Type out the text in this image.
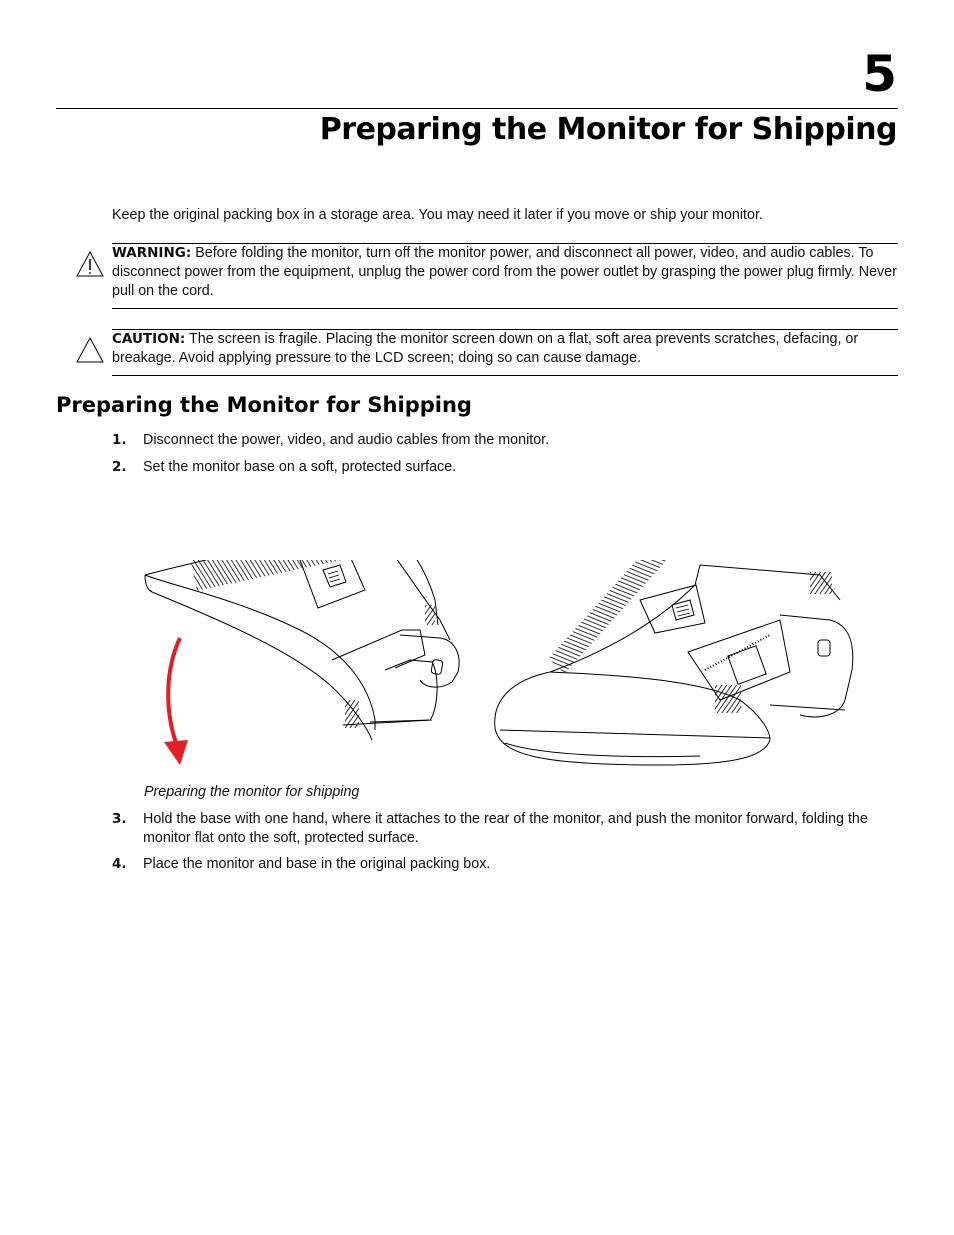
5
Preparing the Monitor for Shipping
Keep the original packing box in a storage area. You may need it later if you move or ship your monitor.
WARNING: Before folding the monitor, turn off the monitor power, and disconnect all power, video, and audio cables. To disconnect power from the equipment, unplug the power cord from the power outlet by grasping the power plug firmly. Never pull on the cord.
CAUTION: The screen is fragile. Placing the monitor screen down on a flat, soft area prevents scratches, defacing, or breakage. Avoid applying pressure to the LCD screen; doing so can cause damage.
Preparing the Monitor for Shipping
1. Disconnect the power, video, and audio cables from the monitor.
2. Set the monitor base on a soft, protected surface.
Preparing the monitor for shipping
3. Hold the base with one hand, where it attaches to the rear of the monitor, and push the monitor forward, folding the monitor flat onto the soft, protected surface.
4. Place the monitor and base in the original packing box.
